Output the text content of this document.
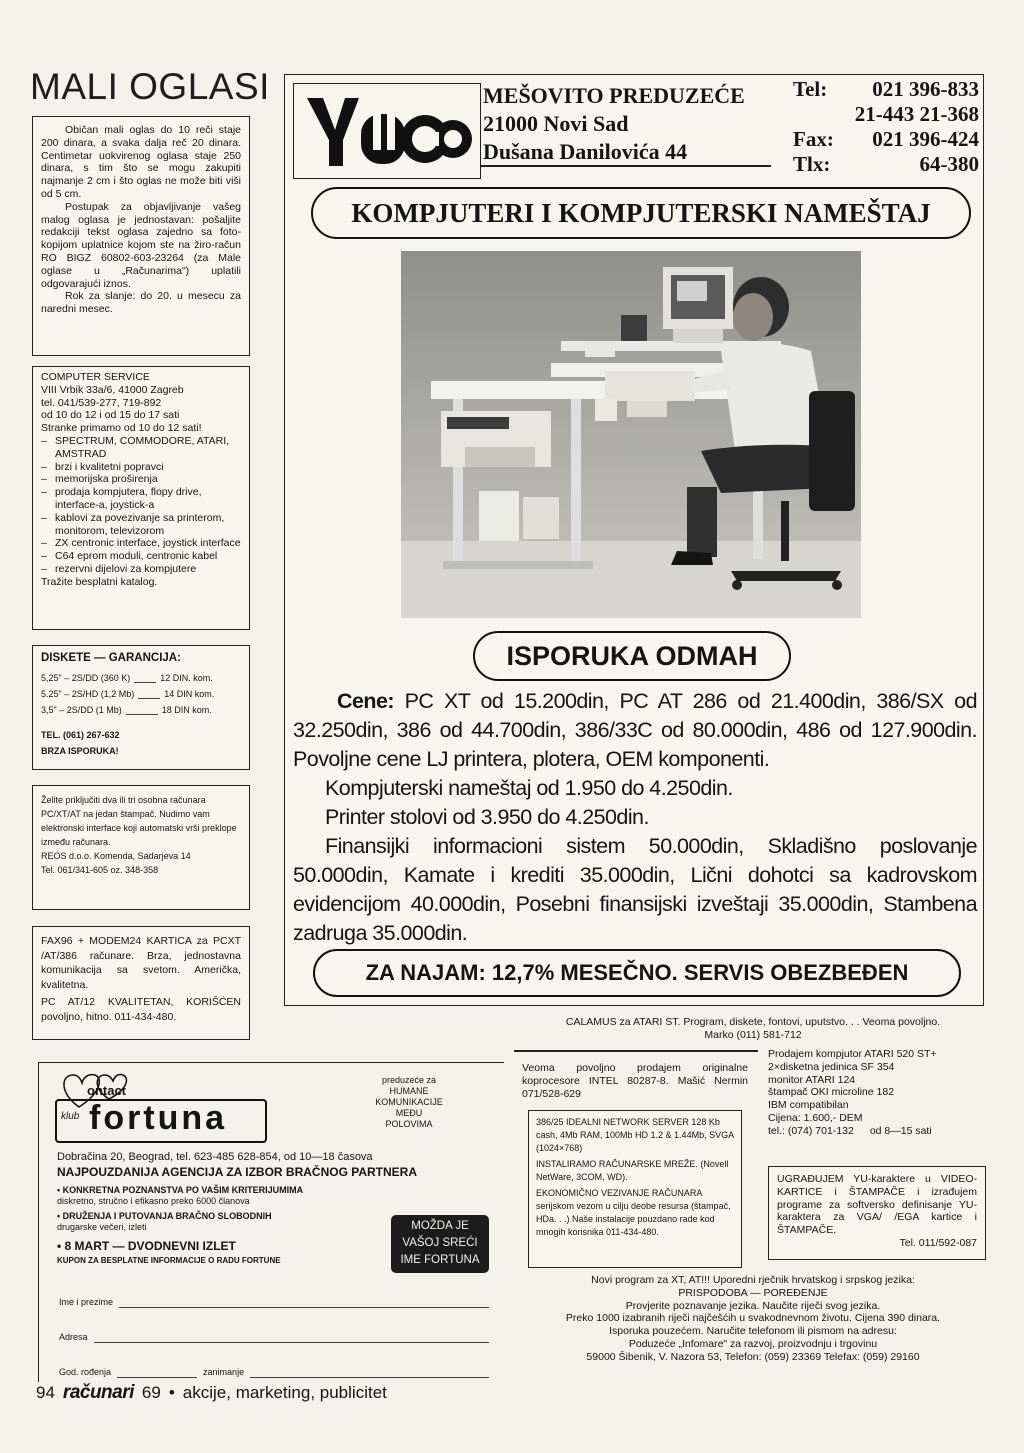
MALI OGLASI

Običan mali oglas do 10 reči staje 200 dinara, a svaka dalja reč 20 dinara. Centimetar uokvirenog oglasa staje 250 dinara, s tim što se mogu zakupiti najmanje 2 cm i što oglas ne može biti viši od 5 cm.

Postupak za objavljivanje vašeg malog oglasa je jednostavan: pošaljite redakciji tekst oglasa zajedno sa foto-kopijom uplatnice kojom ste na žiro-račun RO BIGZ 60802-603-23264 (za Male oglase u „Računarima") uplatili odgovarajući iznos.

Rok za slanje: do 20. u mesecu za naredni mesec.

COMPUTER SERVICE
VIII Vrbik 33a/6, 41000 Zagreb
tel. 041/539-277, 719-892
od 10 do 12 i od 15 do 17 sati
Stranke primamo od 10 do 12 sati!
– SPECTRUM, COMMODORE, ATARI, AMSTRAD
– brzi i kvalitetni popravci
– memorijska proširenja
– prodaja kompjutera, flopy drive, interface-a, joystick-a
– kablovi za povezivanje sa printerom, monitorom, televizorom
– ZX centronic interface, joystick interface
– C64 eprom moduli, centronic kabel
– rezervni dijelovi za kompjutere
Tražite besplatni katalog.
DISKETE — GARANCIJA:
5,25" – 2S/DD (360 K)	12 DIN. kom.
5.25" – 2S/HD (1,2 Mb)	14 DIN kom.
3,5" – 2S/DD (1 Mb)	18 DIN kom.
TEL. (061) 267-632
BRZA ISPORUKA!

Želite priključiti dva ili tri osobna računara PC/XT/AT na jedan štampač. Nudimo vam elektronski interface koji automatski vrši preklope između računara.

REOS d.o.o. Komenda, Sadarjeva 14
Tel. 061/341-605 oz. 348-358

FAX96 + MODEM24 KARTICA za PCXT /AT/386 računare. Brza, jednostavna komunikacija sa svetom. Američka, kvalitetna.

PC AT/12 KVALITETAN, KORIŠĆEN povoljno, hitno. 011-434-480.

MEŠOVITO PREDUZEĆE
21000 Novi Sad
Dušana Danilovića 44
Tel: 021 396-833
21-443 21-368
Fax: 021 396-424
Tlx:	64-380
KOMPJUTERI I KOMPJUTERSKI NAMEŠTAJ
ISPORUKA ODMAH

Cene: PC XT od 15.200din, PC AT 286 od 21.400din, 386/SX od 32.250din, 386 od 44.700din, 386/33C od 80.000din, 486 od 127.900din. Povoljne cene LJ printera, plotera, OEM komponenti.

Kompjuterski nameštaj od 1.950 do 4.250din.

Printer stolovi od 3.950 do 4.250din.

Finansijki informacioni sistem 50.000din, Skladišno poslovanje 50.000din, Kamate i krediti 35.000din, Lični dohotci sa kadrovskom evidencijom 40.000din, Posebni finansijski izveštaji 35.000din, Stambena zadruga 35.000din.

ZA NAJAM: 12,7% MESEČNO. SERVIS OBEZBEĐEN
CALAMUS za ATARI ST. Program, diskete, fontovi, uputstvo. . . Veoma povoljno.
Marko (011) 581-712
Veoma povoljno prodajem originalne koprocesore INTEL 80287-8. Mašić Nermin 071/528-629

386/25 IDEALNI NETWORK SERVER 128 Kb cash, 4Mb RAM, 100Mb HD 1.2 & 1.44Mb, SVGA (1024×768)

INSTALIRAMO RAČUNARSKE MREŽE. (Novell NetWare, 3COM, WD).

EKONOMIČNO VEZIVANJE RAČUNARA serijskom vezom u cilju deobe resursa (štampač, HDa. . .) Naše instalacije pouzdano rade kod mnogih korisnika 011-434-480.

Prodajem kompjutor ATARI 520 ST+
2×disketna jedinica SF 354
monitor ATARI 124
štampač OKI microline 182
IBM compatibilan
Cijena: 1.600,- DEM
tel.: (074) 701-132 od 8—15 sati

UGRAĐUJEM YU-karaktere u VIDEO-KARTICE i ŠTAMPAČE i izrađujem programe za softversko definisanje YU-karaktera za VGA/ /EGA kartice i ŠTAMPAČE.

Tel. 011/592-087
Novi program za XT, AT!!! Uporedni rječnik hrvatskog i srpskog jezika:
PRISPODOBA — POREĐENJE
Provjerite poznavanje jezika. Naučite riječi svog jezika.
Preko 1000 izabranih riječi najčešćih u svakodnevnom životu. Cijena 390 dinara.
Isporuka pouzećem. Naručite telefonom ili pismom na adresu:
Poduzeće „Infomare" za razvoj, proizvodnju i trgovinu
59000 Šibenik, V. Nazora 53, Telefon: (059) 23369 Telefax: (059) 29160
ontact
klub fortuna
preduzeće za
HUMANE
KOMUNIKACIJE
MEĐU
POLOVIMA
Dobračina 20, Beograd, tel. 623-485 628-854, od 10—18 časova
NAJPOUZDANIJA AGENCIJA ZA IZBOR BRAČNOG PARTNERA
• KONKRETNA POZNANSTVA PO VAŠIM KRITERIJUMIMA
diskretno, stručno i efikasno preko 6000 članova
• DRUŽENJA I PUTOVANJA BRAČNO SLOBODNIH
drugarske večeri, izleti
• 8 MART — DVODNEVNI IZLET
KUPON ZA BESPLATNE INFORMACIJE O RADU FORTUNE
MOŽDA JE
VAŠOJ SREĆI
IME FORTUNA
Ime i prezime
Adresa
God. rođenja	zanimanje
94 računari 69 • akcije, marketing, publicitet
